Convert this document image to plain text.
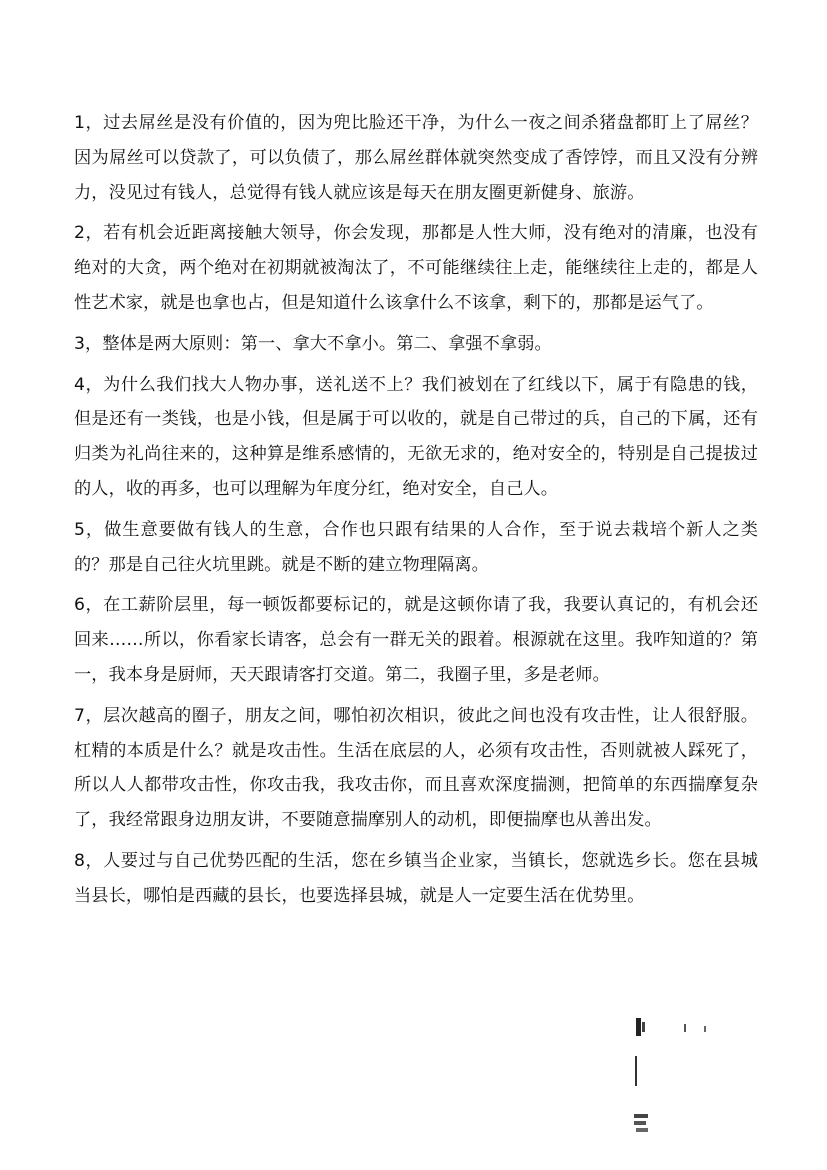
1，过去屌丝是没有价值的，因为兜比脸还干净，为什么一夜之间杀猪盘都盯上了屌丝？因为屌丝可以贷款了，可以负债了，那么屌丝群体就突然变成了香饽饽，而且又没有分辨力，没见过有钱人，总觉得有钱人就应该是每天在朋友圈更新健身、旅游。

2，若有机会近距离接触大领导，你会发现，那都是人性大师，没有绝对的清廉，也没有绝对的大贪，两个绝对在初期就被淘汰了，不可能继续往上走，能继续往上走的，都是人性艺术家，就是也拿也占，但是知道什么该拿什么不该拿，剩下的，那都是运气了。

3，整体是两大原则：第一、拿大不拿小。第二、拿强不拿弱。

4，为什么我们找大人物办事，送礼送不上？我们被划在了红线以下，属于有隐患的钱，但是还有一类钱，也是小钱，但是属于可以收的，就是自己带过的兵，自己的下属，还有归类为礼尚往来的，这种算是维系感情的，无欲无求的，绝对安全的，特别是自己提拔过的人，收的再多，也可以理解为年度分红，绝对安全，自己人。

5，做生意要做有钱人的生意，合作也只跟有结果的人合作，至于说去栽培个新人之类的？那是自己往火坑里跳。就是不断的建立物理隔离。

6，在工薪阶层里，每一顿饭都要标记的，就是这顿你请了我，我要认真记的，有机会还回来……所以，你看家长请客，总会有一群无关的跟着。根源就在这里。我咋知道的？第一，我本身是厨师，天天跟请客打交道。第二，我圈子里，多是老师。

7，层次越高的圈子，朋友之间，哪怕初次相识，彼此之间也没有攻击性，让人很舒服。杠精的本质是什么？就是攻击性。生活在底层的人，必须有攻击性，否则就被人踩死了，所以人人都带攻击性，你攻击我，我攻击你，而且喜欢深度揣测，把简单的东西揣摩复杂了，我经常跟身边朋友讲，不要随意揣摩别人的动机，即便揣摩也从善出发。

8，人要过与自己优势匹配的生活，您在乡镇当企业家，当镇长，您就选乡长。您在县城当县长，哪怕是西藏的县长，也要选择县城，就是人一定要生活在优势里。
